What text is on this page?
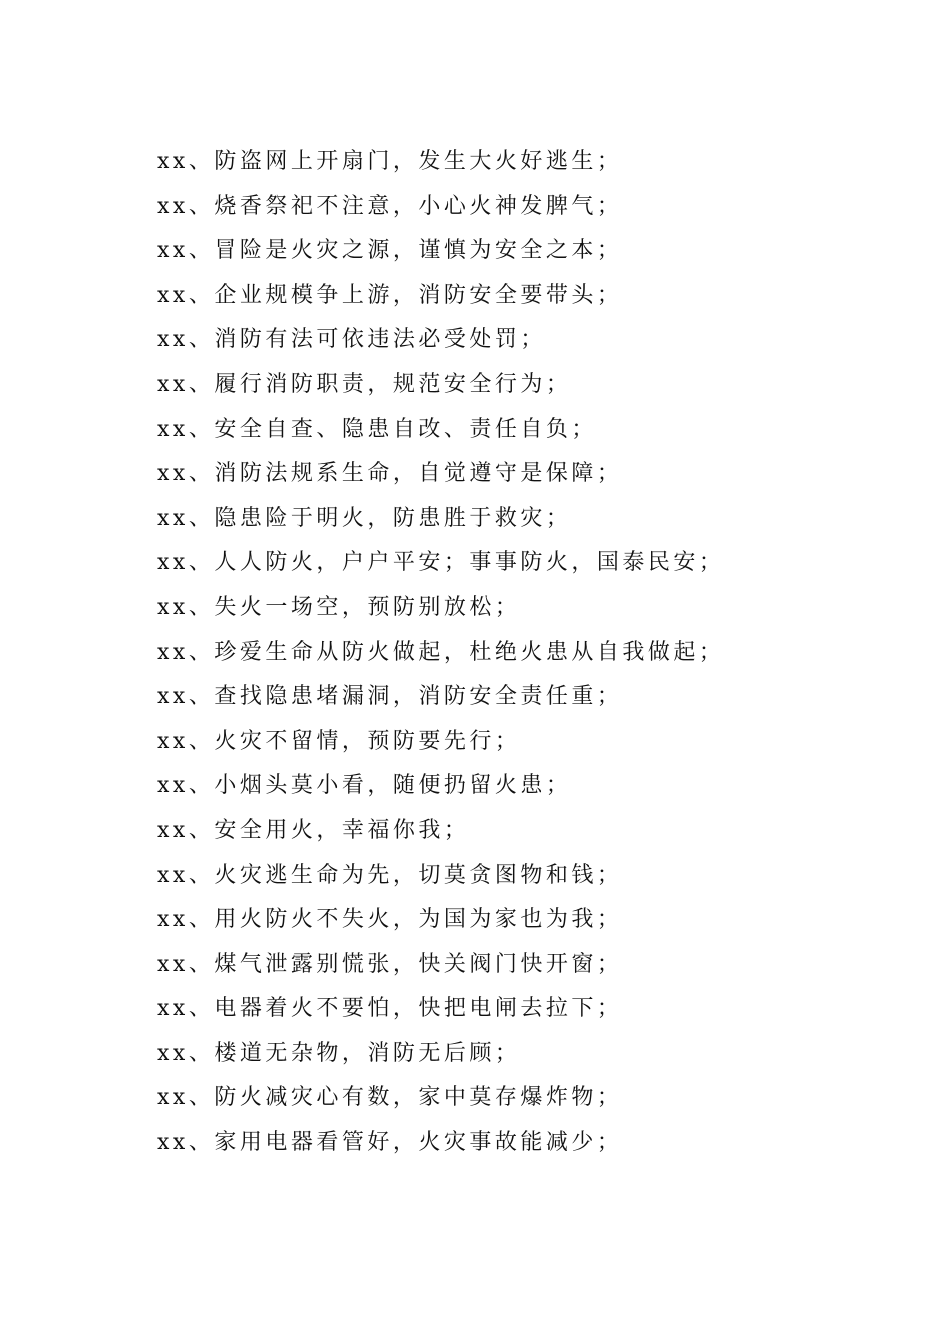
xx、防盗网上开扇门，发生大火好逃生；
xx、烧香祭祀不注意，小心火神发脾气；
xx、冒险是火灾之源，谨慎为安全之本；
xx、企业规模争上游，消防安全要带头；
xx、消防有法可依违法必受处罚；
xx、履行消防职责，规范安全行为；
xx、安全自查、隐患自改、责任自负；
xx、消防法规系生命，自觉遵守是保障；
xx、隐患险于明火，防患胜于救灾；
xx、人人防火，户户平安；事事防火，国泰民安；
xx、失火一场空，预防别放松；
xx、珍爱生命从防火做起，杜绝火患从自我做起；
xx、查找隐患堵漏洞，消防安全责任重；
xx、火灾不留情，预防要先行；
xx、小烟头莫小看，随便扔留火患；
xx、安全用火，幸福你我；
xx、火灾逃生命为先，切莫贪图物和钱；
xx、用火防火不失火，为国为家也为我；
xx、煤气泄露别慌张，快关阀门快开窗；
xx、电器着火不要怕，快把电闸去拉下；
xx、楼道无杂物，消防无后顾；
xx、防火减灾心有数，家中莫存爆炸物；
xx、家用电器看管好，火灾事故能减少；
